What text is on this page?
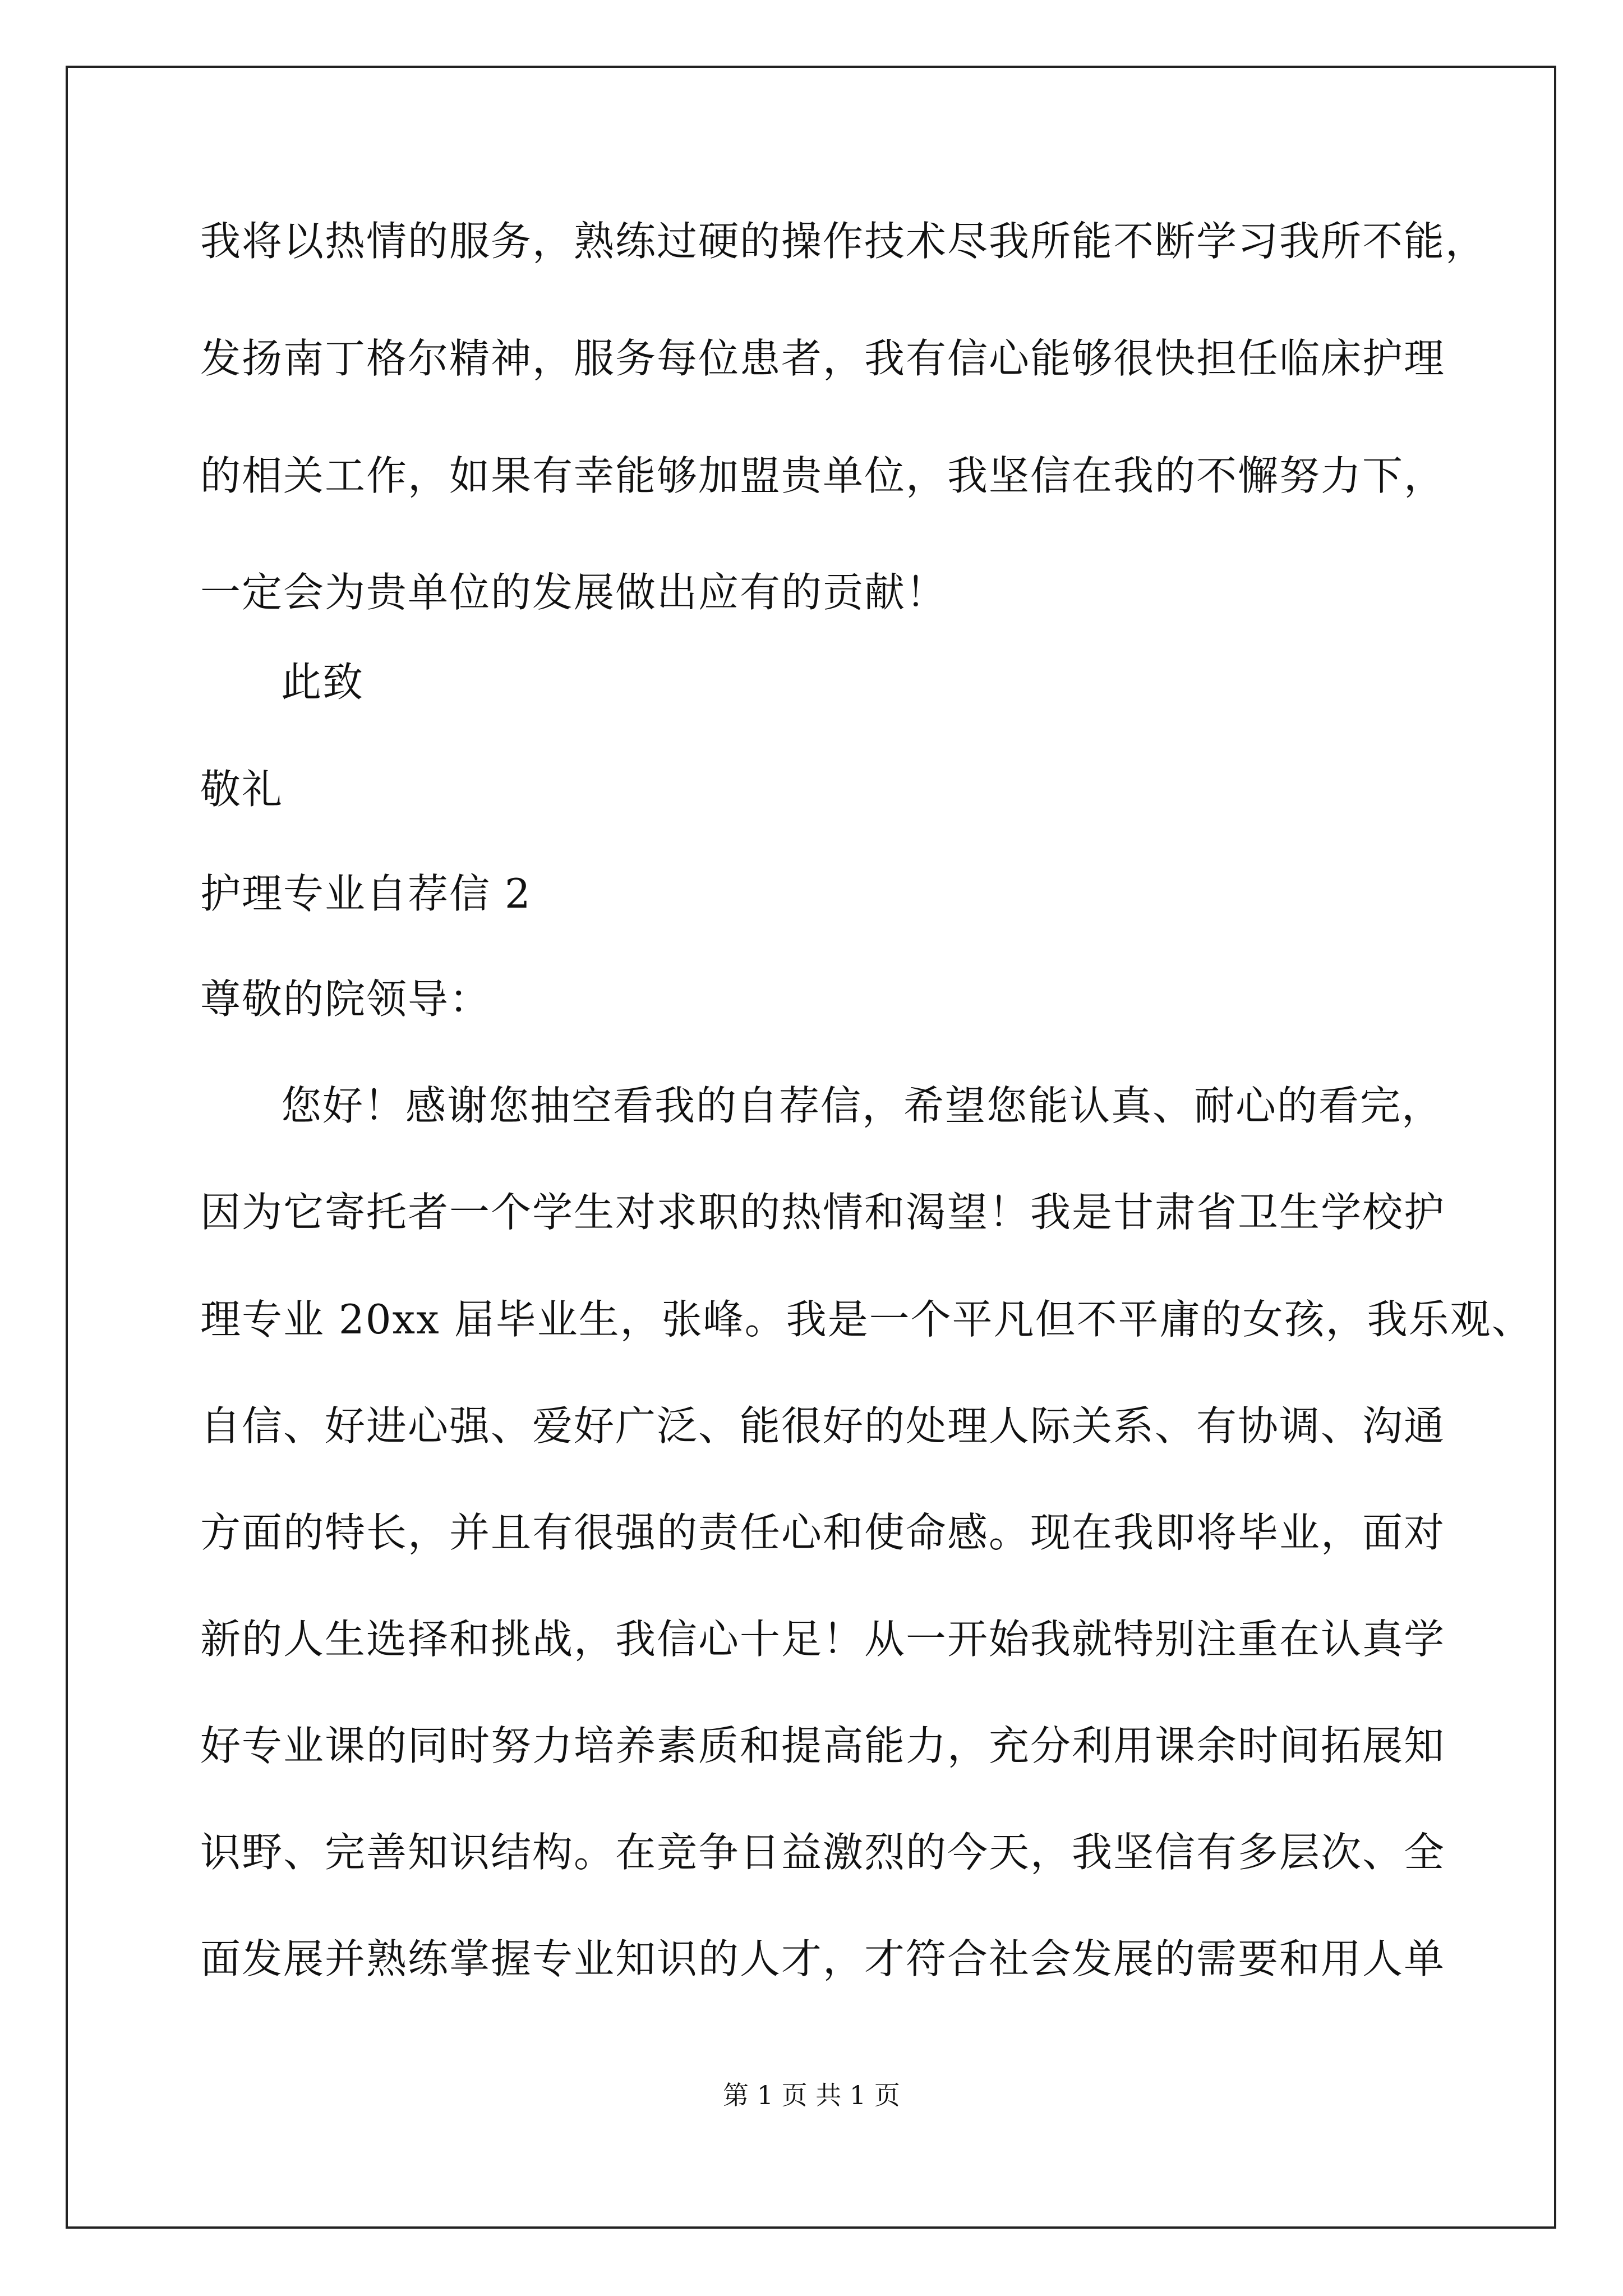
我将以热情的服务，熟练过硬的操作技术尽我所能不断学习我所不能，
发扬南丁格尔精神，服务每位患者，我有信心能够很快担任临床护理
的相关工作，如果有幸能够加盟贵单位，我坚信在我的不懈努力下，
一定会为贵单位的发展做出应有的贡献！
此致
敬礼
护理专业自荐信 2
尊敬的院领导：
您好！感谢您抽空看我的自荐信，希望您能认真、耐心的看完，
因为它寄托者一个学生对求职的热情和渴望！我是甘肃省卫生学校护
理专业 20xx 届毕业生，张峰。我是一个平凡但不平庸的女孩，我乐观、
自信、好进心强、爱好广泛、能很好的处理人际关系、有协调、沟通
方面的特长，并且有很强的责任心和使命感。现在我即将毕业，面对
新的人生选择和挑战，我信心十足！从一开始我就特别注重在认真学
好专业课的同时努力培养素质和提高能力，充分利用课余时间拓展知
识野、完善知识结构。在竞争日益激烈的今天，我坚信有多层次、全
面发展并熟练掌握专业知识的人才，才符合社会发展的需要和用人单
第 1 页 共 1 页
